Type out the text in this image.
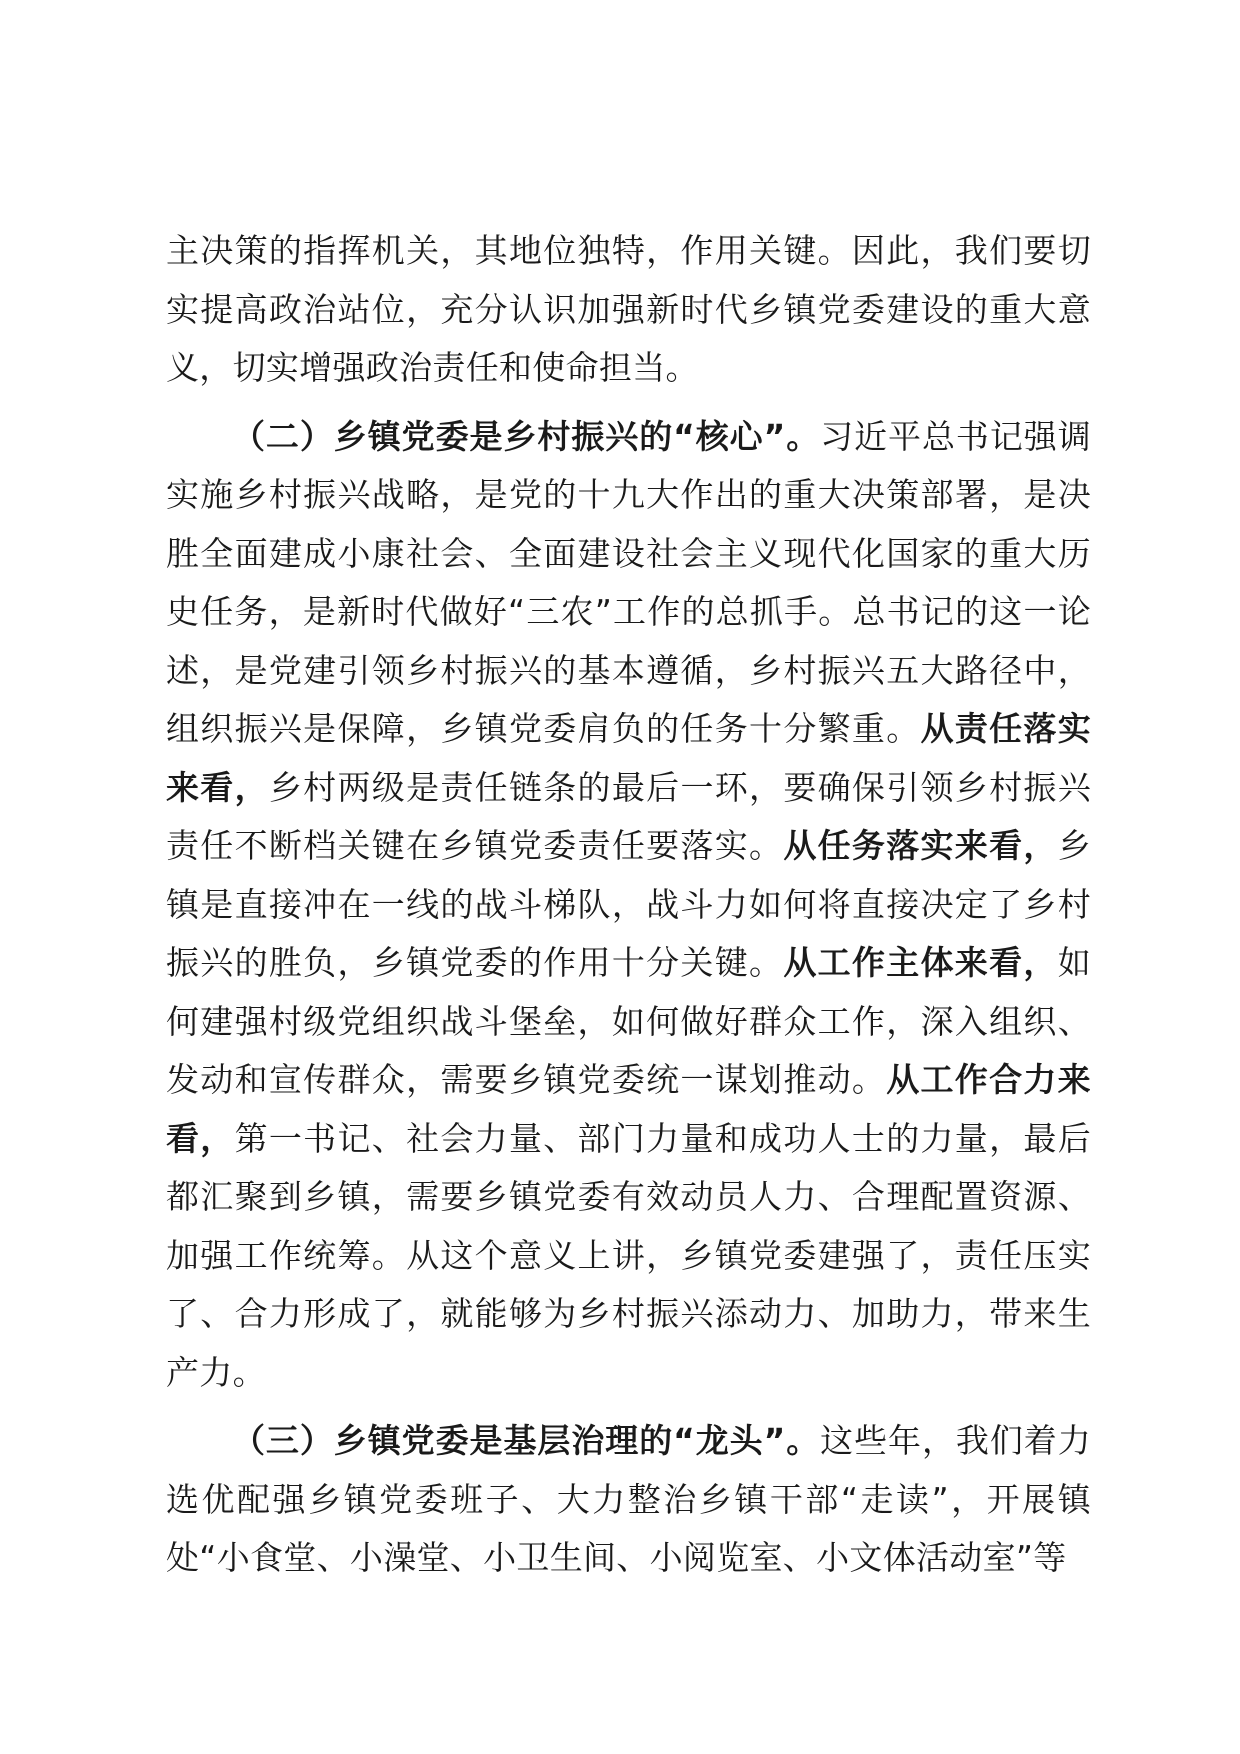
主决策的指挥机关，其地位独特，作用关键。因此，我们要切实提高政治站位，充分认识加强新时代乡镇党委建设的重大意义，切实增强政治责任和使命担当。

（二）乡镇党委是乡村振兴的“核心”。习近平总书记强调实施乡村振兴战略，是党的十九大作出的重大决策部署，是决胜全面建成小康社会、全面建设社会主义现代化国家的重大历史任务，是新时代做好“三农”工作的总抓手。总书记的这一论述，是党建引领乡村振兴的基本遵循，乡村振兴五大路径中，组织振兴是保障，乡镇党委肩负的任务十分繁重。从责任落实来看，乡村两级是责任链条的最后一环，要确保引领乡村振兴责任不断档关键在乡镇党委责任要落实。从任务落实来看，乡镇是直接冲在一线的战斗梯队，战斗力如何将直接决定了乡村振兴的胜负，乡镇党委的作用十分关键。从工作主体来看，如何建强村级党组织战斗堡垒，如何做好群众工作，深入组织、发动和宣传群众，需要乡镇党委统一谋划推动。从工作合力来看，第一书记、社会力量、部门力量和成功人士的力量，最后都汇聚到乡镇，需要乡镇党委有效动员人力、合理配置资源、加强工作统筹。从这个意义上讲，乡镇党委建强了，责任压实了、合力形成了，就能够为乡村振兴添动力、加助力，带来生产力。

（三）乡镇党委是基层治理的“龙头”。这些年，我们着力选优配强乡镇党委班子、大力整治乡镇干部“走读”，开展镇处“小食堂、小澡堂、小卫生间、小阅览室、小文体活动室”等
